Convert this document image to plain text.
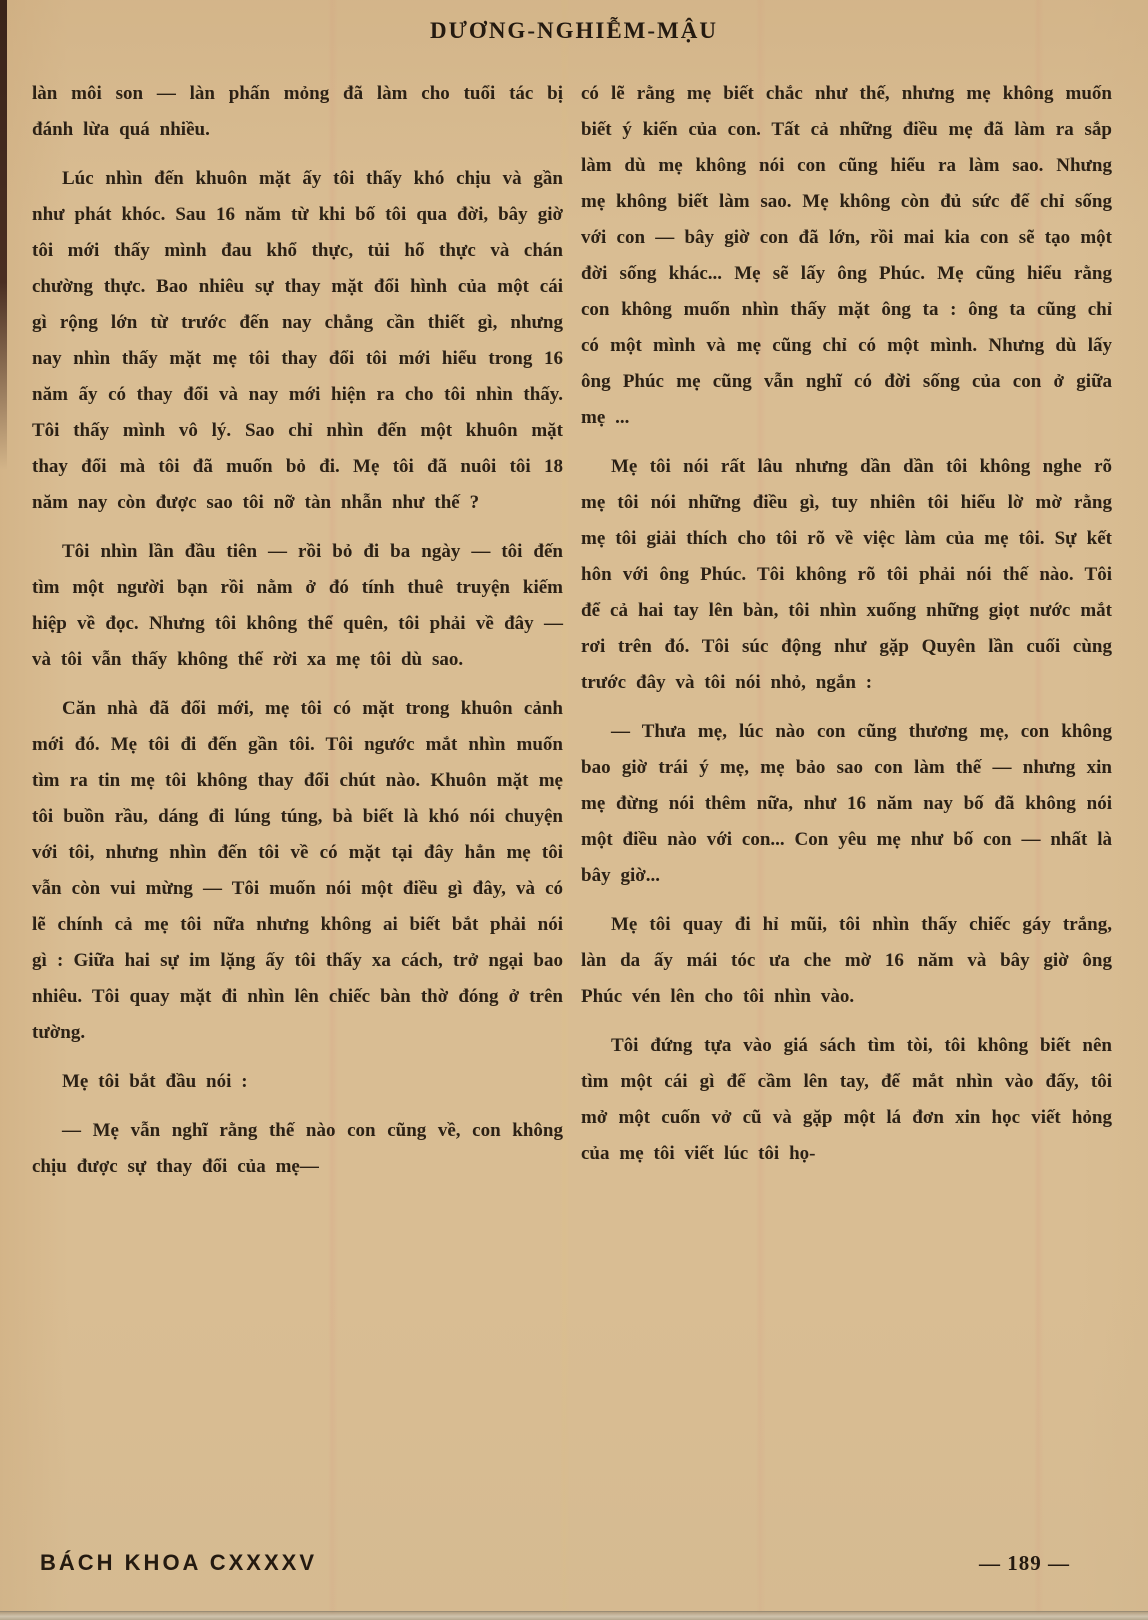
DƯƠNG-NGHIỄM-MẬU

làn môi son — làn phấn mỏng đã làm cho tuổi tác bị đánh lừa quá nhiều.

Lúc nhìn đến khuôn mặt ấy tôi thấy khó chịu và gần như phát khóc. Sau 16 năm từ khi bố tôi qua đời, bây giờ tôi mới thấy mình đau khổ thực, tủi hổ thực và chán chường thực. Bao nhiêu sự thay mặt đổi hình của một cái gì rộng lớn từ trước đến nay chẳng cần thiết gì, nhưng nay nhìn thấy mặt mẹ tôi thay đổi tôi mới hiểu trong 16 năm ấy có thay đổi và nay mới hiện ra cho tôi nhìn thấy. Tôi thấy mình vô lý. Sao chỉ nhìn đến một khuôn mặt thay đổi mà tôi đã muốn bỏ đi. Mẹ tôi đã nuôi tôi 18 năm nay còn được sao tôi nỡ tàn nhẫn như thế ?

Tôi nhìn lần đầu tiên — rồi bỏ đi ba ngày — tôi đến tìm một người bạn rồi nằm ở đó tính thuê truyện kiếm hiệp về đọc. Nhưng tôi không thể quên, tôi phải về đây — và tôi vẫn thấy không thể rời xa mẹ tôi dù sao.

Căn nhà đã đổi mới, mẹ tôi có mặt trong khuôn cảnh mới đó. Mẹ tôi đi đến gần tôi. Tôi ngước mắt nhìn muốn tìm ra tin mẹ tôi không thay đổi chút nào. Khuôn mặt mẹ tôi buồn rầu, dáng đi lúng túng, bà biết là khó nói chuyện với tôi, nhưng nhìn đến tôi về có mặt tại đây hẳn mẹ tôi vẫn còn vui mừng — Tôi muốn nói một điều gì đây, và có lẽ chính cả mẹ tôi nữa nhưng không ai biết bắt phải nói gì : Giữa hai sự im lặng ấy tôi thấy xa cách, trở ngại bao nhiêu. Tôi quay mặt đi nhìn lên chiếc bàn thờ đóng ở trên tường.

Mẹ tôi bắt đầu nói :

— Mẹ vẫn nghĩ rằng thế nào con cũng về, con không chịu được sự thay đổi của mẹ—

có lẽ rằng mẹ biết chắc như thế, nhưng mẹ không muốn biết ý kiến của con. Tất cả những điều mẹ đã làm ra sắp làm dù mẹ không nói con cũng hiểu ra làm sao. Nhưng mẹ không biết làm sao. Mẹ không còn đủ sức để chỉ sống với con — bây giờ con đã lớn, rồi mai kia con sẽ tạo một đời sống khác... Mẹ sẽ lấy ông Phúc. Mẹ cũng hiểu rằng con không muốn nhìn thấy mặt ông ta : ông ta cũng chỉ có một mình và mẹ cũng chỉ có một mình. Nhưng dù lấy ông Phúc mẹ cũng vẫn nghĩ có đời sống của con ở giữa mẹ ...

Mẹ tôi nói rất lâu nhưng dần dần tôi không nghe rõ mẹ tôi nói những điều gì, tuy nhiên tôi hiểu lờ mờ rằng mẹ tôi giải thích cho tôi rõ về việc làm của mẹ tôi. Sự kết hôn với ông Phúc. Tôi không rõ tôi phải nói thế nào. Tôi để cả hai tay lên bàn, tôi nhìn xuống những giọt nước mắt rơi trên đó. Tôi súc động như gặp Quyên lần cuối cùng trước đây và tôi nói nhỏ, ngắn :

— Thưa mẹ, lúc nào con cũng thương mẹ, con không bao giờ trái ý mẹ, mẹ bảo sao con làm thế — nhưng xin mẹ đừng nói thêm nữa, như 16 năm nay bố đã không nói một điều nào với con... Con yêu mẹ như bố con — nhất là bây giờ...

Mẹ tôi quay đi hỉ mũi, tôi nhìn thấy chiếc gáy trắng, làn da ấy mái tóc ưa che mờ 16 năm và bây giờ ông Phúc vén lên cho tôi nhìn vào.

Tôi đứng tựa vào giá sách tìm tòi, tôi không biết nên tìm một cái gì để cầm lên tay, để mắt nhìn vào đấy, tôi mở một cuốn vở cũ và gặp một lá đơn xin học viết hỏng của mẹ tôi viết lúc tôi họ-

BÁCH KHOA CXXXXV	— 189 —
